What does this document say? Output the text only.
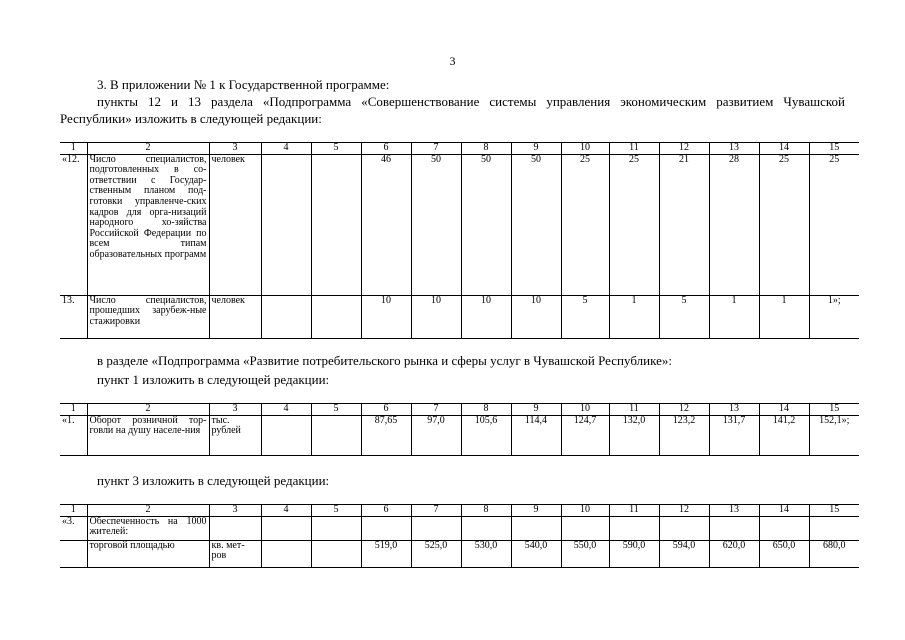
3
3. В приложении № 1 к Государственной программе:
пункты 12 и 13 раздела «Подпрограмма «Совершенствование системы управления экономическим развитием Чувашской
Республики» изложить в следующей редакции:
1	2	3	4	5	6	7	8	9	10	11	12	13	14	15
«12.	Число специалистов, подготовленных в со-ответствии с Государ-ственным планом под-готовки управленче-ских кадров для орга-низаций народного хо-зяйства Российской Федерации по всем типам образовательных программ	человек			46	50	50	50	25	25	21	28	25	25
13.	Число специалистов, прошедших зарубеж-ные стажировки	человек			10	10	10	10	5	1	5	1	1	1»;
в разделе «Подпрограмма «Развитие потребительского рынка и сферы услуг в Чувашской Республике»:
пункт 1 изложить в следующей редакции:
1	2	3	4	5	6	7	8	9	10	11	12	13	14	15
«1.	Оборот розничной тор-говли на душу населе-ния	тыс. рублей			87,65	97,0	105,6	114,4	124,7	132,0	123,2	131,7	141,2	152,1»;
пункт 3 изложить в следующей редакции:
1	2	3	4	5	6	7	8	9	10	11	12	13	14	15
«3.	Обеспеченность на 1000 жителей:													
	торговой площадью	кв. мет-ров			519,0	525,0	530,0	540,0	550,0	590,0	594,0	620,0	650,0	680,0
